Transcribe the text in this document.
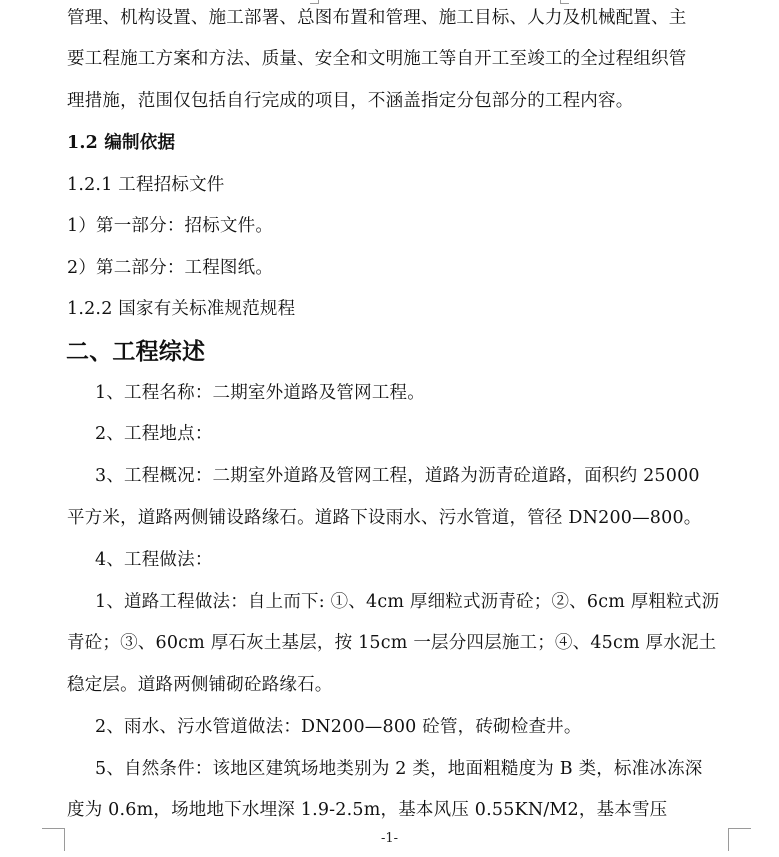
管理、机构设置、施工部署、总图布置和管理、施工目标、人力及机械配置、主
要工程施工方案和方法、质量、安全和文明施工等自开工至竣工的全过程组织管
理措施，范围仅包括自行完成的项目，不涵盖指定分包部分的工程内容。
1.2 编制依据
1.2.1 工程招标文件
1）第一部分：招标文件。
2）第二部分：工程图纸。
1.2.2 国家有关标准规范规程
二、工程综述
1、工程名称：二期室外道路及管网工程。
2、工程地点：
3、工程概况：二期室外道路及管网工程，道路为沥青砼道路，面积约 25000
平方米，道路两侧铺设路缘石。道路下设雨水、污水管道，管径 DN200—800。
4、工程做法：
1、道路工程做法：自上而下: ①、4cm 厚细粒式沥青砼；②、6cm 厚粗粒式沥
青砼；③、60cm 厚石灰土基层，按 15cm 一层分四层施工；④、45cm 厚水泥土
稳定层。道路两侧铺砌砼路缘石。
2、雨水、污水管道做法：DN200—800 砼管，砖砌检查井。
5、自然条件：该地区建筑场地类别为 2 类，地面粗糙度为 B 类，标准冰冻深
度为 0.6m，场地地下水埋深 1.9-2.5m，基本风压 0.55KN/M2，基本雪压
-1-
